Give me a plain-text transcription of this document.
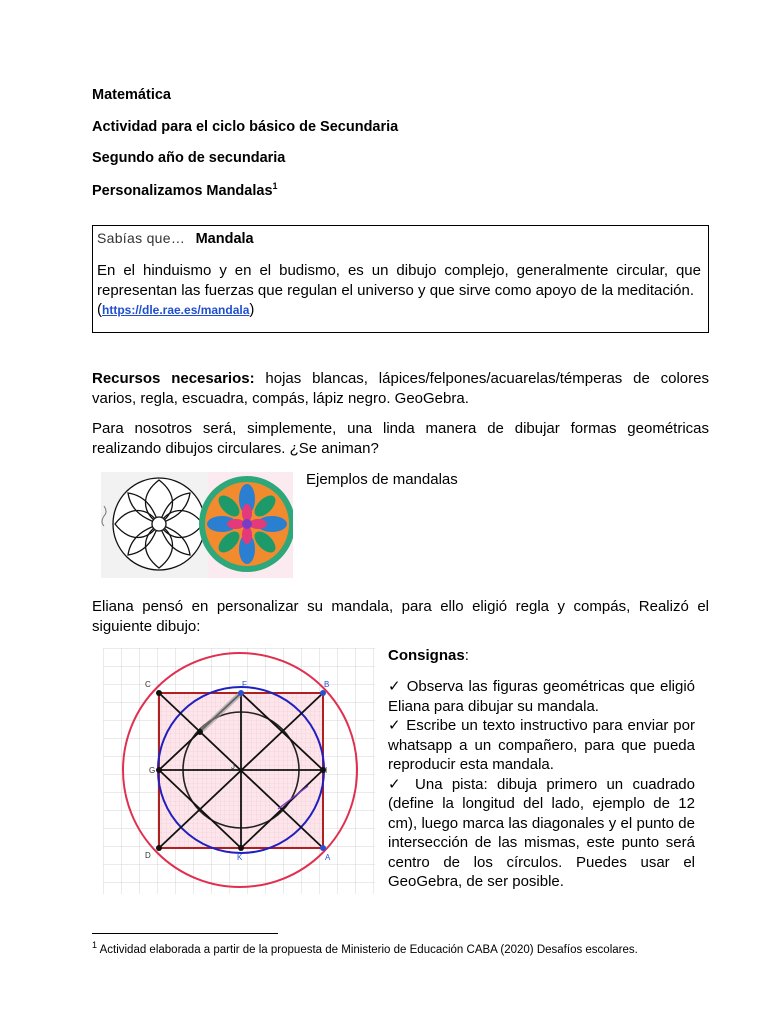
Matemática
Actividad para el ciclo básico de Secundaria
Segundo año de secundaria
Personalizamos Mandalas$^1$
Sabías que… Mandala
En el hinduismo y en el budismo, es un dibujo complejo, generalmente circular, que representan las fuerzas que regulan el universo y que sirve como apoyo de la meditación.
(https://dle.rae.es/mandala)
Recursos necesarios: hojas blancas, lápices/felpones/acuarelas/témperas de colores varios, regla, escuadra, compás, lápiz negro. GeoGebra.
Para nosotros será, simplemente, una linda manera de dibujar formas geométricas realizando dibujos circulares. ¿Se animan?
Ejemplos de mandalas
Eliana pensó en personalizar su mandala, para ello eligió regla y compás, Realizó el siguiente dibujo:
C	F	B
G	I
J
D	K	A
Consignas:
✓ Observa las figuras geométricas que eligió Eliana para dibujar su mandala.
✓ Escribe un texto instructivo para enviar por whatsapp a un compañero, para que pueda reproducir esta mandala.
✓ Una pista: dibuja primero un cuadrado (define la longitud del lado, ejemplo de 12 cm), luego marca las diagonales y el punto de intersección de las mismas, este punto será centro de los círculos. Puedes usar el GeoGebra, de ser posible.
$^1$ Actividad elaborada a partir de la propuesta de Ministerio de Educación CABA (2020) Desafíos escolares.
